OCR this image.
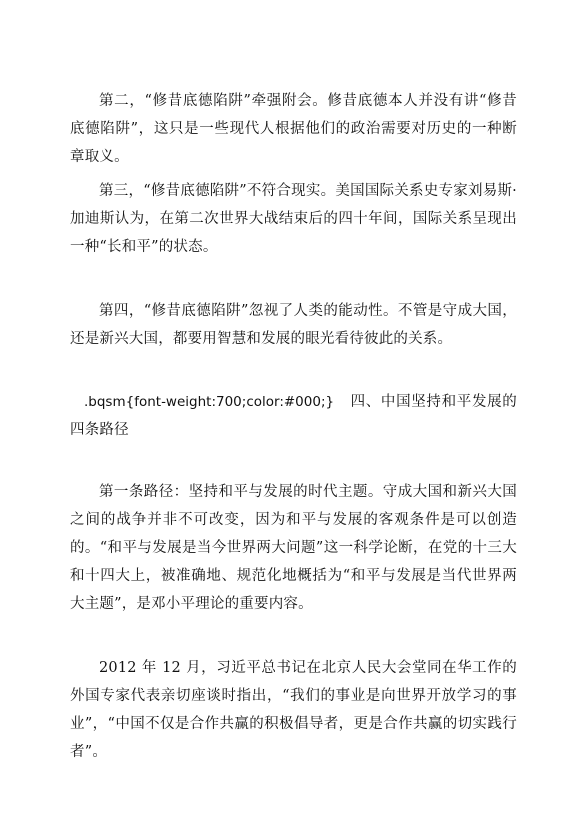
第二，“修昔底德陷阱”牵强附会。修昔底德本人并没有讲“修昔底德陷阱”，这只是一些现代人根据他们的政治需要对历史的一种断章取义。

第三，“修昔底德陷阱”不符合现实。美国国际关系史专家刘易斯·加迪斯认为，在第二次世界大战结束后的四十年间，国际关系呈现出一种“长和平”的状态。

第四，“修昔底德陷阱”忽视了人类的能动性。不管是守成大国，还是新兴大国，都要用智慧和发展的眼光看待彼此的关系。

.bqsm{font-weight:700;color:#000;} 四、中国坚持和平发展的四条路径

第一条路径：坚持和平与发展的时代主题。守成大国和新兴大国之间的战争并非不可改变，因为和平与发展的客观条件是可以创造的。“和平与发展是当今世界两大问题”这一科学论断，在党的十三大和十四大上，被准确地、规范化地概括为“和平与发展是当代世界两大主题”，是邓小平理论的重要内容。

2012 年 12 月，习近平总书记在北京人民大会堂同在华工作的外国专家代表亲切座谈时指出，“我们的事业是向世界开放学习的事业”，“中国不仅是合作共赢的积极倡导者，更是合作共赢的切实践行者”。
